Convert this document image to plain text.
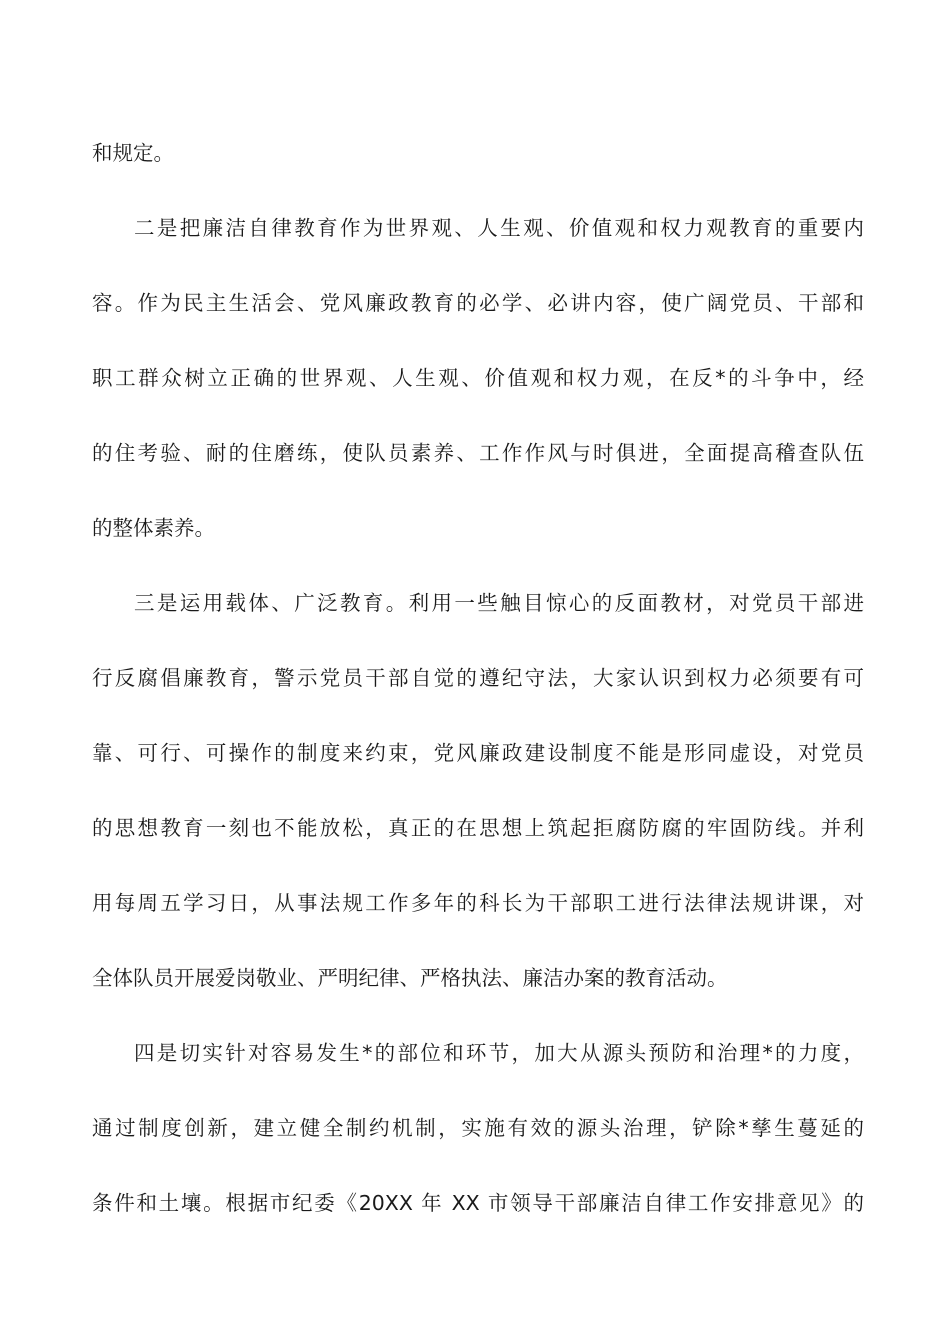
和规定。
二是把廉洁自律教育作为世界观、人生观、价值观和权力观教育的重要内
容。作为民主生活会、党风廉政教育的必学、必讲内容，使广阔党员、干部和
职工群众树立正确的世界观、人生观、价值观和权力观，在反*的斗争中，经
的住考验、耐的住磨练，使队员素养、工作作风与时俱进，全面提高稽查队伍
的整体素养。
三是运用载体、广泛教育。利用一些触目惊心的反面教材，对党员干部进
行反腐倡廉教育，警示党员干部自觉的遵纪守法，大家认识到权力必须要有可
靠、可行、可操作的制度来约束，党风廉政建设制度不能是形同虚设，对党员
的思想教育一刻也不能放松，真正的在思想上筑起拒腐防腐的牢固防线。并利
用每周五学习日，从事法规工作多年的科长为干部职工进行法律法规讲课，对
全体队员开展爱岗敬业、严明纪律、严格执法、廉洁办案的教育活动。
四是切实针对容易发生*的部位和环节，加大从源头预防和治理*的力度，
通过制度创新，建立健全制约机制，实施有效的源头治理，铲除*孳生蔓延的
条件和土壤。根据市纪委《20XX 年 XX 市领导干部廉洁自律工作安排意见》的
